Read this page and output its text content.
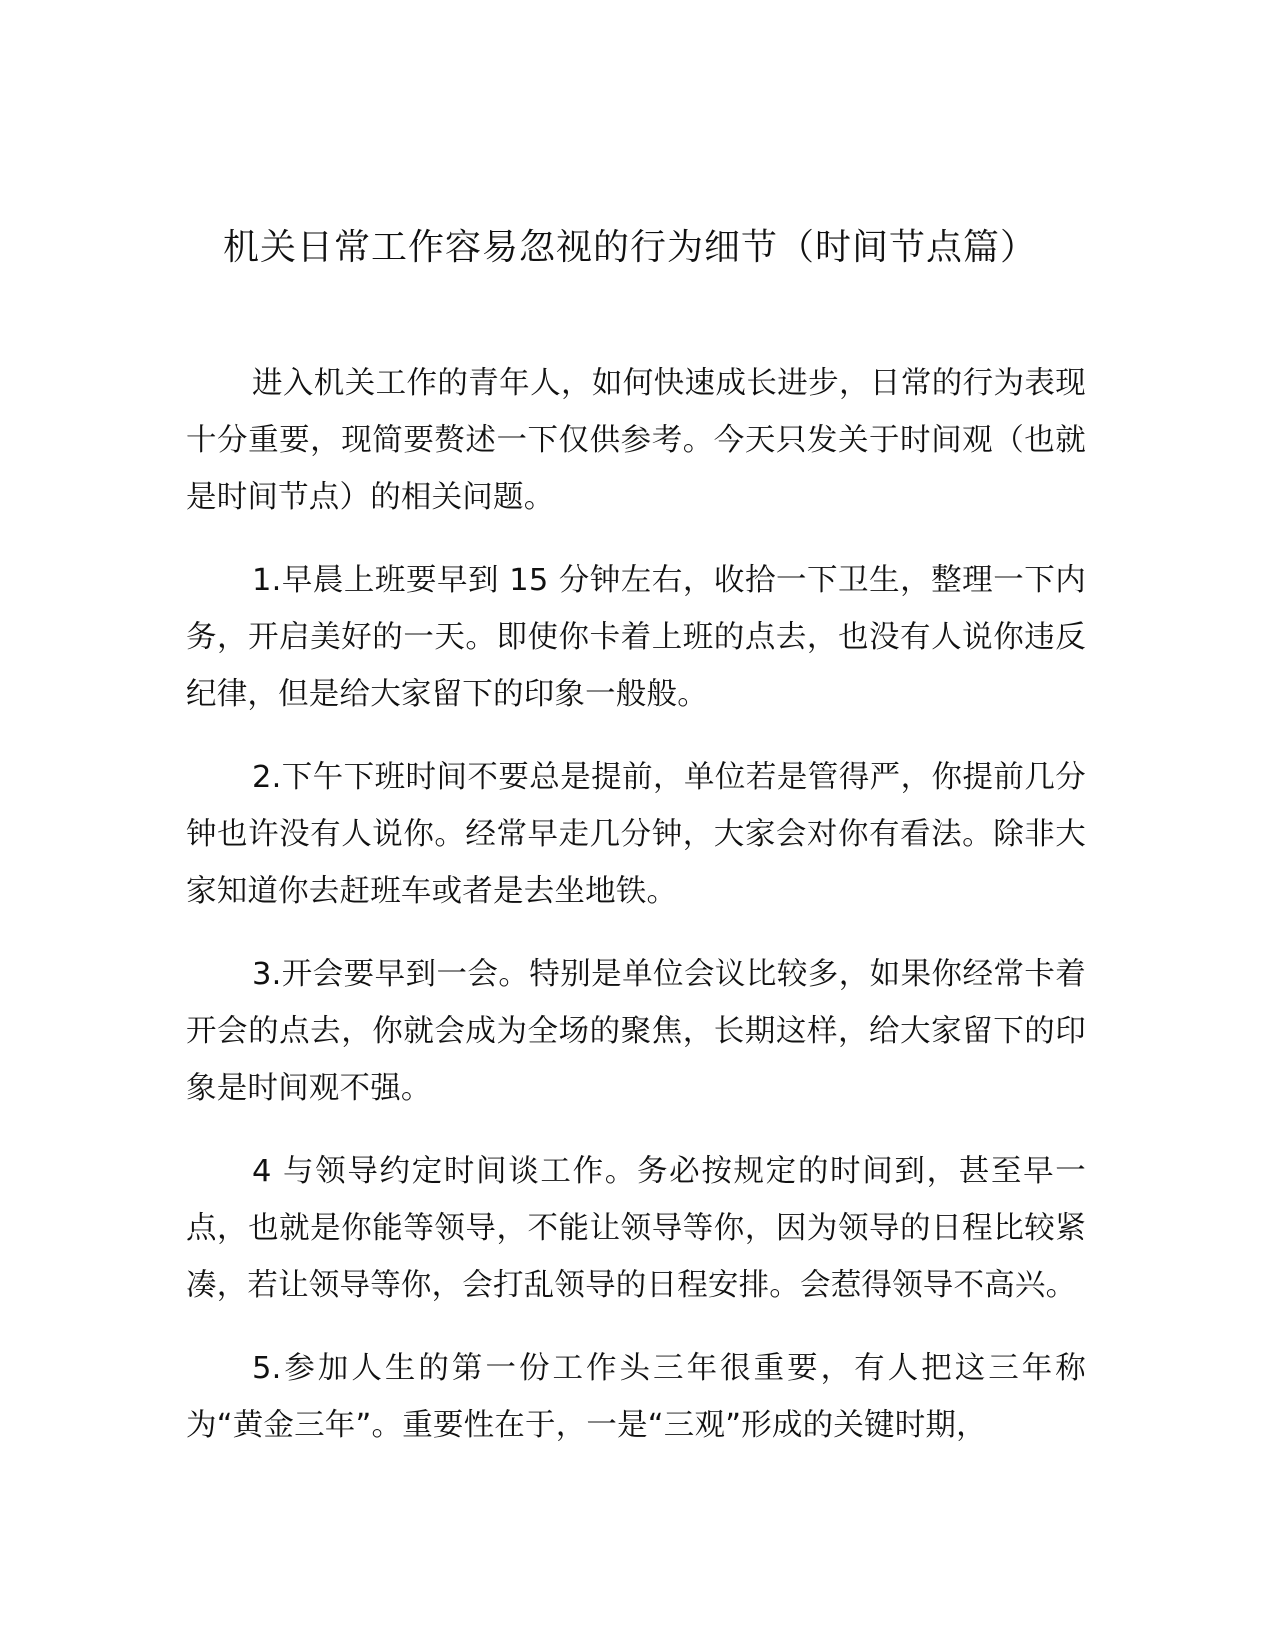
机关日常工作容易忽视的行为细节（时间节点篇）

进入机关工作的青年人，如何快速成长进步，日常的行为表现十分重要，现简要赘述一下仅供参考。今天只发关于时间观（也就是时间节点）的相关问题。

1.早晨上班要早到 15 分钟左右，收拾一下卫生，整理一下内务，开启美好的一天。即使你卡着上班的点去，也没有人说你违反纪律，但是给大家留下的印象一般般。

2.下午下班时间不要总是提前，单位若是管得严，你提前几分钟也许没有人说你。经常早走几分钟，大家会对你有看法。除非大家知道你去赶班车或者是去坐地铁。

3.开会要早到一会。特别是单位会议比较多，如果你经常卡着开会的点去，你就会成为全场的聚焦，长期这样，给大家留下的印象是时间观不强。

4 与领导约定时间谈工作。务必按规定的时间到，甚至早一点，也就是你能等领导，不能让领导等你，因为领导的日程比较紧凑，若让领导等你，会打乱领导的日程安排。会惹得领导不高兴。

5.参加人生的第一份工作头三年很重要，有人把这三年称为“黄金三年”。重要性在于，一是“三观”形成的关键时期，
